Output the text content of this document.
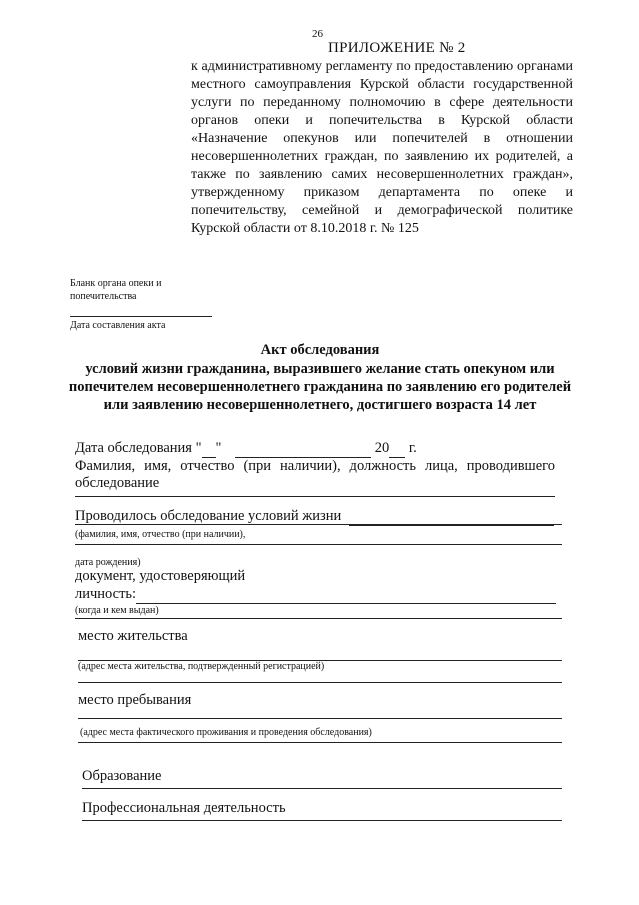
26
ПРИЛОЖЕНИЕ № 2
к административному регламенту по предоставлению органами местного самоуправления Курской области государственной услуги по переданному полномочию в сфере деятельности органов опеки и попечительства в Курской области «Назначение опекунов или попечителей в отношении несовершеннолетних граждан, по заявлению их родителей, а также по заявлению самих несовершеннолетних граждан», утвержденному приказом департамента по опеке и попечительству, семейной и демографической политике Курской области от 8.10.2018 г. № 125
Бланк органа опеки и попечительства
Дата составления акта
Акт обследования
условий жизни гражданина, выразившего желание стать опекуном или попечителем несовершеннолетнего гражданина по заявлению его родителей или заявлению несовершеннолетнего, достигшего возраста 14 лет
Дата обследования " "	20 г.
Фамилия, имя, отчество (при наличии), должность лица, проводившего обследование
Проводилось обследование условий жизни
(фамилия, имя, отчество (при наличии),
дата рождения)
документ, удостоверяющий
личность:
(когда и кем выдан)
место жительства
(адрес места жительства, подтвержденный регистрацией)
место пребывания
(адрес места фактического проживания и проведения обследования)
Образование
Профессиональная деятельность
